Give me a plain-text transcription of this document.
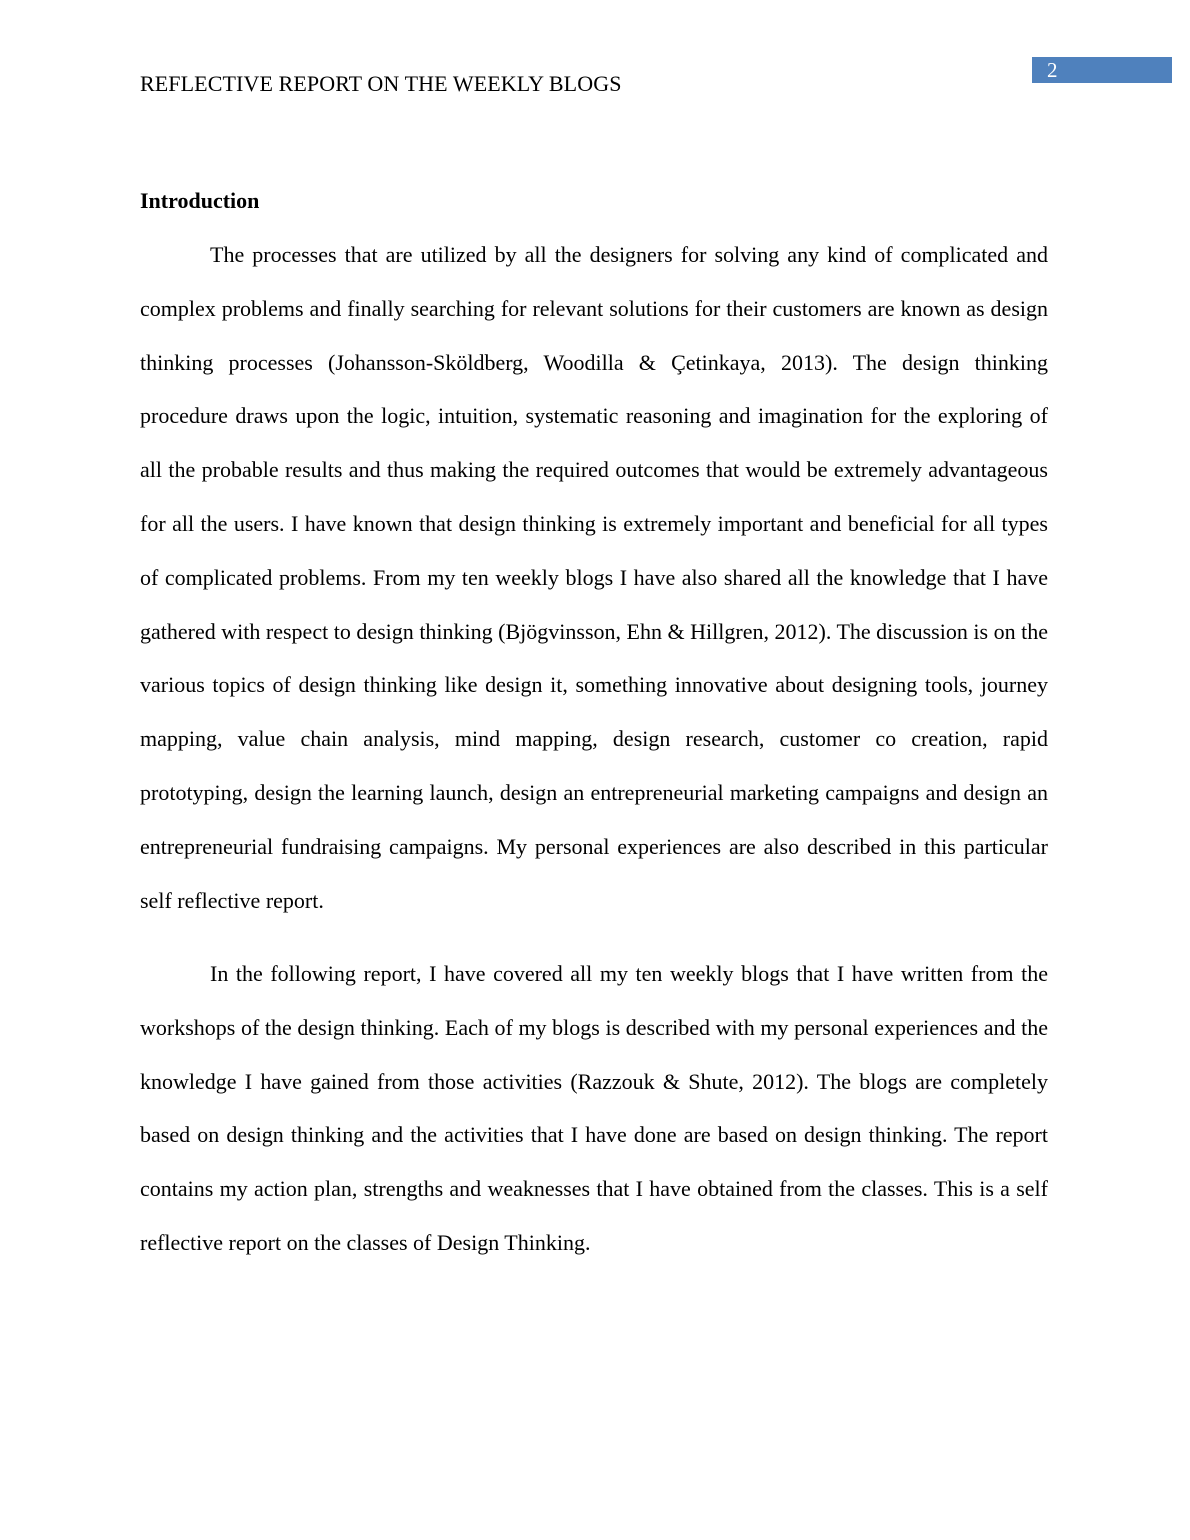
REFLECTIVE REPORT ON THE WEEKLY BLOGS
2
Introduction

The processes that are utilized by all the designers for solving any kind of complicated and complex problems and finally searching for relevant solutions for their customers are known as design thinking processes (Johansson-Sköldberg, Woodilla & Çetinkaya, 2013). The design thinking procedure draws upon the logic, intuition, systematic reasoning and imagination for the exploring of all the probable results and thus making the required outcomes that would be extremely advantageous for all the users. I have known that design thinking is extremely important and beneficial for all types of complicated problems. From my ten weekly blogs I have also shared all the knowledge that I have gathered with respect to design thinking (Bjögvinsson, Ehn & Hillgren, 2012). The discussion is on the various topics of design thinking like design it, something innovative about designing tools, journey mapping, value chain analysis, mind mapping, design research, customer co creation, rapid prototyping, design the learning launch, design an entrepreneurial marketing campaigns and design an entrepreneurial fundraising campaigns. My personal experiences are also described in this particular self reflective report.

In the following report, I have covered all my ten weekly blogs that I have written from the workshops of the design thinking. Each of my blogs is described with my personal experiences and the knowledge I have gained from those activities (Razzouk & Shute, 2012). The blogs are completely based on design thinking and the activities that I have done are based on design thinking. The report contains my action plan, strengths and weaknesses that I have obtained from the classes. This is a self reflective report on the classes of Design Thinking.
